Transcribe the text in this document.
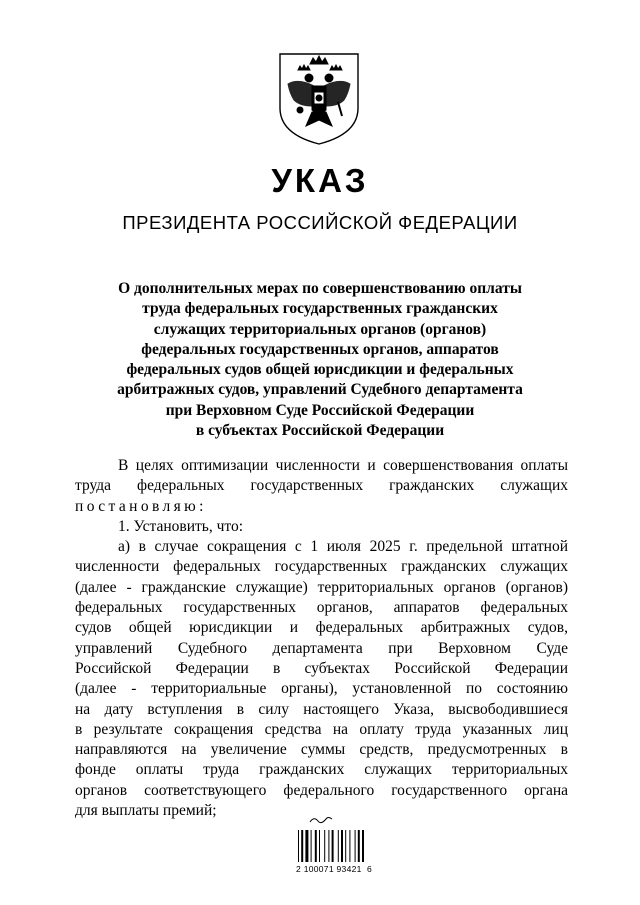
УКАЗ
ПРЕЗИДЕНТА РОССИЙСКОЙ ФЕДЕРАЦИИ
О дополнительных мерах по совершенствованию оплаты
труда федеральных государственных гражданских
служащих территориальных органов (органов)
федеральных государственных органов, аппаратов
федеральных судов общей юрисдикции и федеральных
арбитражных судов, управлений Судебного департамента
при Верховном Суде Российской Федерации
в субъектах Российской Федерации
В целях оптимизации численности и совершенствования оплаты
труда федеральных государственных гражданских служащих
постановляю:
1. Установить, что:
а) в случае сокращения с 1 июля 2025 г. предельной штатной
численности федеральных государственных гражданских служащих
(далее - гражданские служащие) территориальных органов (органов)
федеральных государственных органов, аппаратов федеральных
судов общей юрисдикции и федеральных арбитражных судов,
управлений Судебного департамента при Верховном Суде
Российской Федерации в субъектах Российской Федерации
(далее - территориальные органы), установленной по состоянию
на дату вступления в силу настоящего Указа, высвободившиеся
в результате сокращения средства на оплату труда указанных лиц
направляются на увеличение суммы средств, предусмотренных в
фонде оплаты труда гражданских служащих территориальных
органов соответствующего федерального государственного органа
для выплаты премий;
2 100071 93421  6
